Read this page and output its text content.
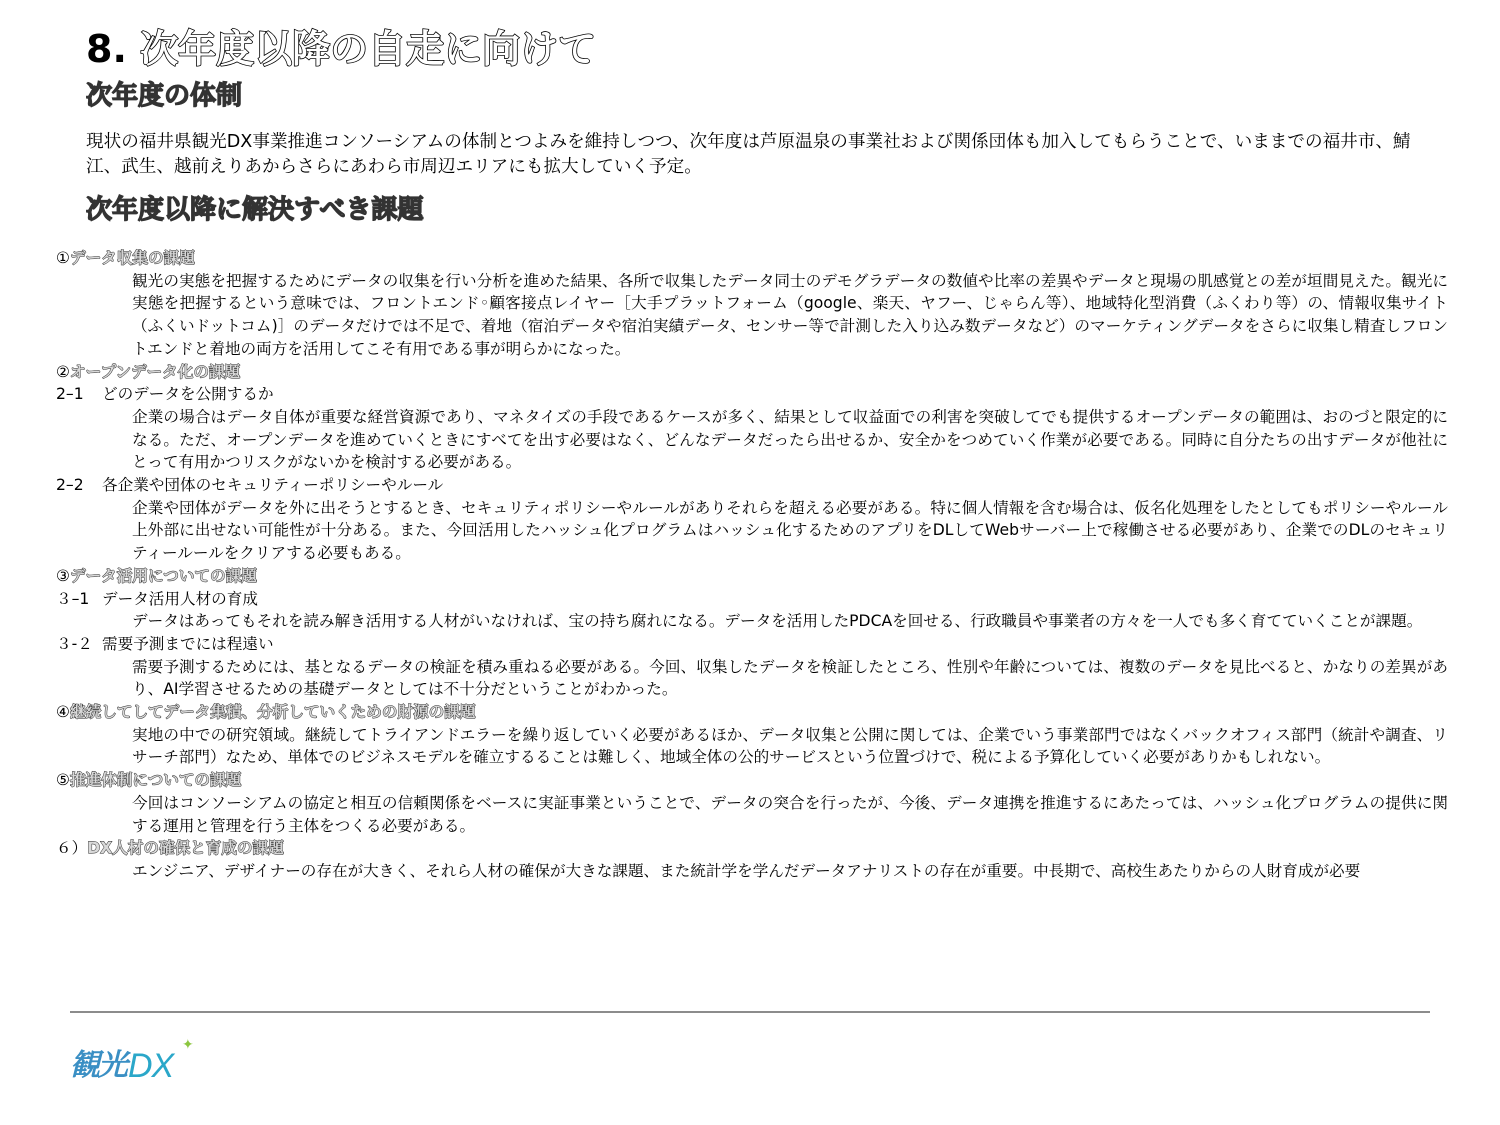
8. 次年度以降の自走に向けて
次年度の体制

現状の福井県観光DX事業推進コンソーシアムの体制とつよみを維持しつつ、次年度は芦原温泉の事業社および関係団体も加入してもらうことで、いままでの福井市、鯖江、武生、越前えりあからさらにあわら市周辺エリアにも拡大していく予定。

次年度以降に解決すべき課題
①データ収集の課題
観光の実態を把握するためにデータの収集を行い分析を進めた結果、各所で収集したデータ同士のデモグラデータの数値や比率の差異やデータと現場の肌感覚との差が垣間見えた。観光に実態を把握するという意味では、フロントエンド◦顧客接点レイヤー［大手プラットフォーム（google、楽天、ヤフー、じゃらん等）、地域特化型消費（ふくわり等）の、情報収集サイト（ふくいドットコム)］のデータだけでは不足で、着地（宿泊データや宿泊実績データ、センサー等で計測した入り込み数データなど）のマーケティングデータをさらに収集し精査しフロントエンドと着地の両方を活用してこそ有用である事が明らかになった。
②オープンデータ化の課題
2–1 どのデータを公開するか
企業の場合はデータ自体が重要な経営資源であり、マネタイズの手段であるケースが多く、結果として収益面での利害を突破してでも提供するオープンデータの範囲は、おのづと限定的になる。ただ、オープンデータを進めていくときにすべてを出す必要はなく、どんなデータだったら出せるか、安全かをつめていく作業が必要である。同時に自分たちの出すデータが他社にとって有用かつリスクがないかを検討する必要がある。
2–2 各企業や団体のセキュリティーポリシーやルール
企業や団体がデータを外に出そうとするとき、セキュリティポリシーやルールがありそれらを超える必要がある。特に個人情報を含む場合は、仮名化処理をしたとしてもポリシーやルール上外部に出せない可能性が十分ある。また、今回活用したハッシュ化プログラムはハッシュ化するためのアプリをDLしてWebサーバー上で稼働させる必要があり、企業でのDLのセキュリティールールをクリアする必要もある。
③データ活用についての課題
３–1 データ活用人材の育成
データはあってもそれを読み解き活用する人材がいなければ、宝の持ち腐れになる。データを活用したPDCAを回せる、行政職員や事業者の方々を一人でも多く育てていくことが課題。
３-２ 需要予測までには程遠い
需要予測するためには、基となるデータの検証を積み重ねる必要がある。今回、収集したデータを検証したところ、性別や年齢については、複数のデータを見比べると、かなりの差異があり、AI学習させるための基礎データとしては不十分だということがわかった。
④継続してしてデータ集積、分析していくための財源の課題
実地の中での研究領域。継続してトライアンドエラーを繰り返していく必要があるほか、データ収集と公開に関しては、企業でいう事業部門ではなくバックオフィス部門（統計や調査、リサーチ部門）なため、単体でのビジネスモデルを確立するることは難しく、地域全体の公的サービスという位置づけで、税による予算化していく必要がありかもしれない。
⑤推進体制についての課題
今回はコンソーシアムの協定と相互の信頼関係をベースに実証事業ということで、データの突合を行ったが、今後、データ連携を推進するにあたっては、ハッシュ化プログラムの提供に関する運用と管理を行う主体をつくる必要がある。
６）DX人材の確保と育成の課題
エンジニア、デザイナーの存在が大きく、それら人材の確保が大きな課題、また統計学を学んだデータアナリストの存在が重要。中長期で、高校生あたりからの人財育成が必要
観光 DX
✦
